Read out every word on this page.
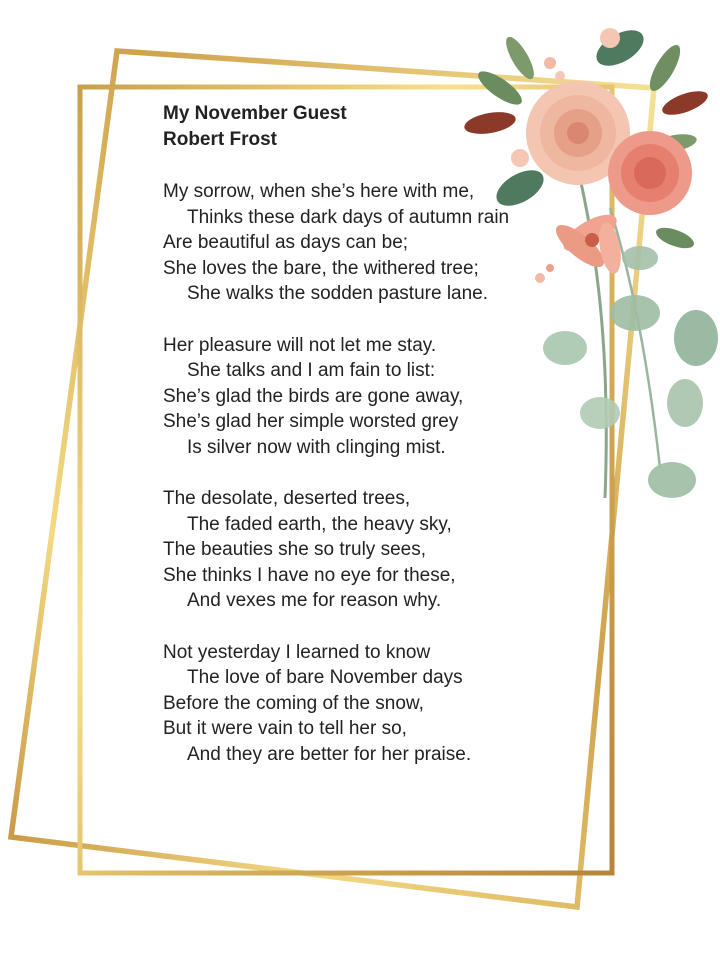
My November Guest
Robert Frost
My sorrow, when she’s here with me,
Thinks these dark days of autumn rain
Are beautiful as days can be;
She loves the bare, the withered tree;
She walks the sodden pasture lane.
Her pleasure will not let me stay.
She talks and I am fain to list:
She’s glad the birds are gone away,
She’s glad her simple worsted grey
Is silver now with clinging mist.
The desolate, deserted trees,
The faded earth, the heavy sky,
The beauties she so truly sees,
She thinks I have no eye for these,
And vexes me for reason why.
Not yesterday I learned to know
The love of bare November days
Before the coming of the snow,
But it were vain to tell her so,
And they are better for her praise.
